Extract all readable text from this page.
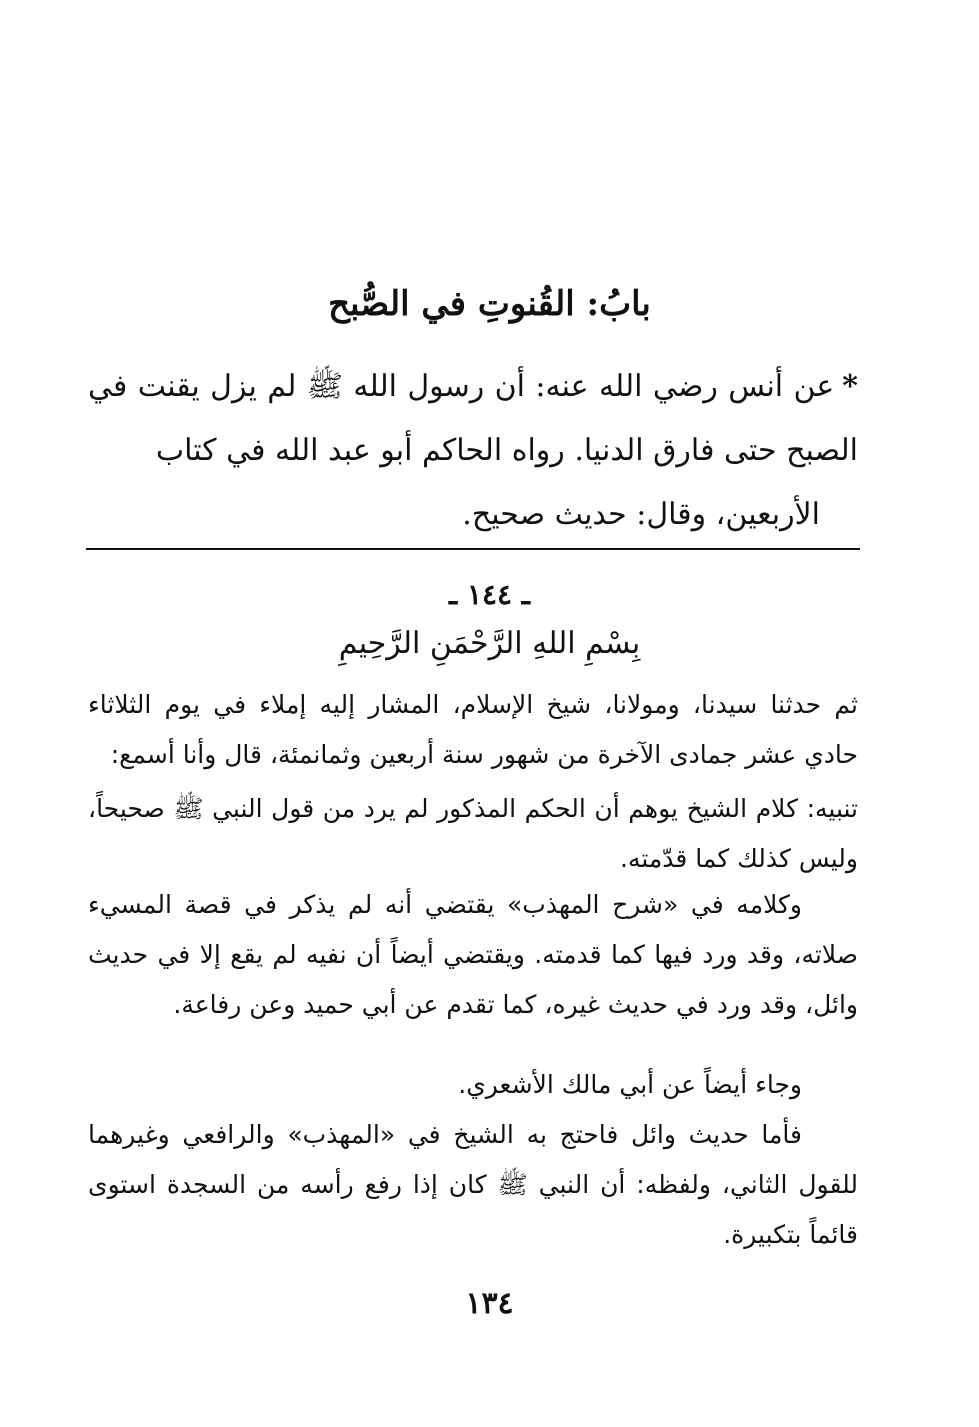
بابُ: القُنوتِ في الصُّبح
*عن أنس رضي الله عنه: أن رسول الله ﷺ لم يزل يقنت في الصبح حتى فارق الدنيا. رواه الحاكم أبو عبد الله في كتاب
الأربعين، وقال: حديث صحيح.
ـ ١٤٤ ـ
بِسْمِ اللهِ الرَّحْمَنِ الرَّحِيمِ

ثم حدثنا سيدنا، ومولانا، شيخ الإسلام، المشار إليه إملاء في يوم الثلاثاء حادي عشر جمادى الآخرة من شهور سنة أربعين وثمانمئة، قال وأنا أسمع:

تنبيه: كلام الشيخ يوهم أن الحكم المذكور لم يرد من قول النبي ﷺ صحيحاً، وليس كذلك كما قدّمته.

وكلامه في «شرح المهذب» يقتضي أنه لم يذكر في قصة المسيء صلاته، وقد ورد فيها كما قدمته. ويقتضي أيضاً أن نفيه لم يقع إلا في حديث وائل، وقد ورد في حديث غيره، كما تقدم عن أبي حميد وعن رفاعة.

وجاء أيضاً عن أبي مالك الأشعري.

فأما حديث وائل فاحتج به الشيخ في «المهذب» والرافعي وغيرهما للقول الثاني، ولفظه: أن النبي ﷺ كان إذا رفع رأسه من السجدة استوى قائماً بتكبيرة.

١٣٤
